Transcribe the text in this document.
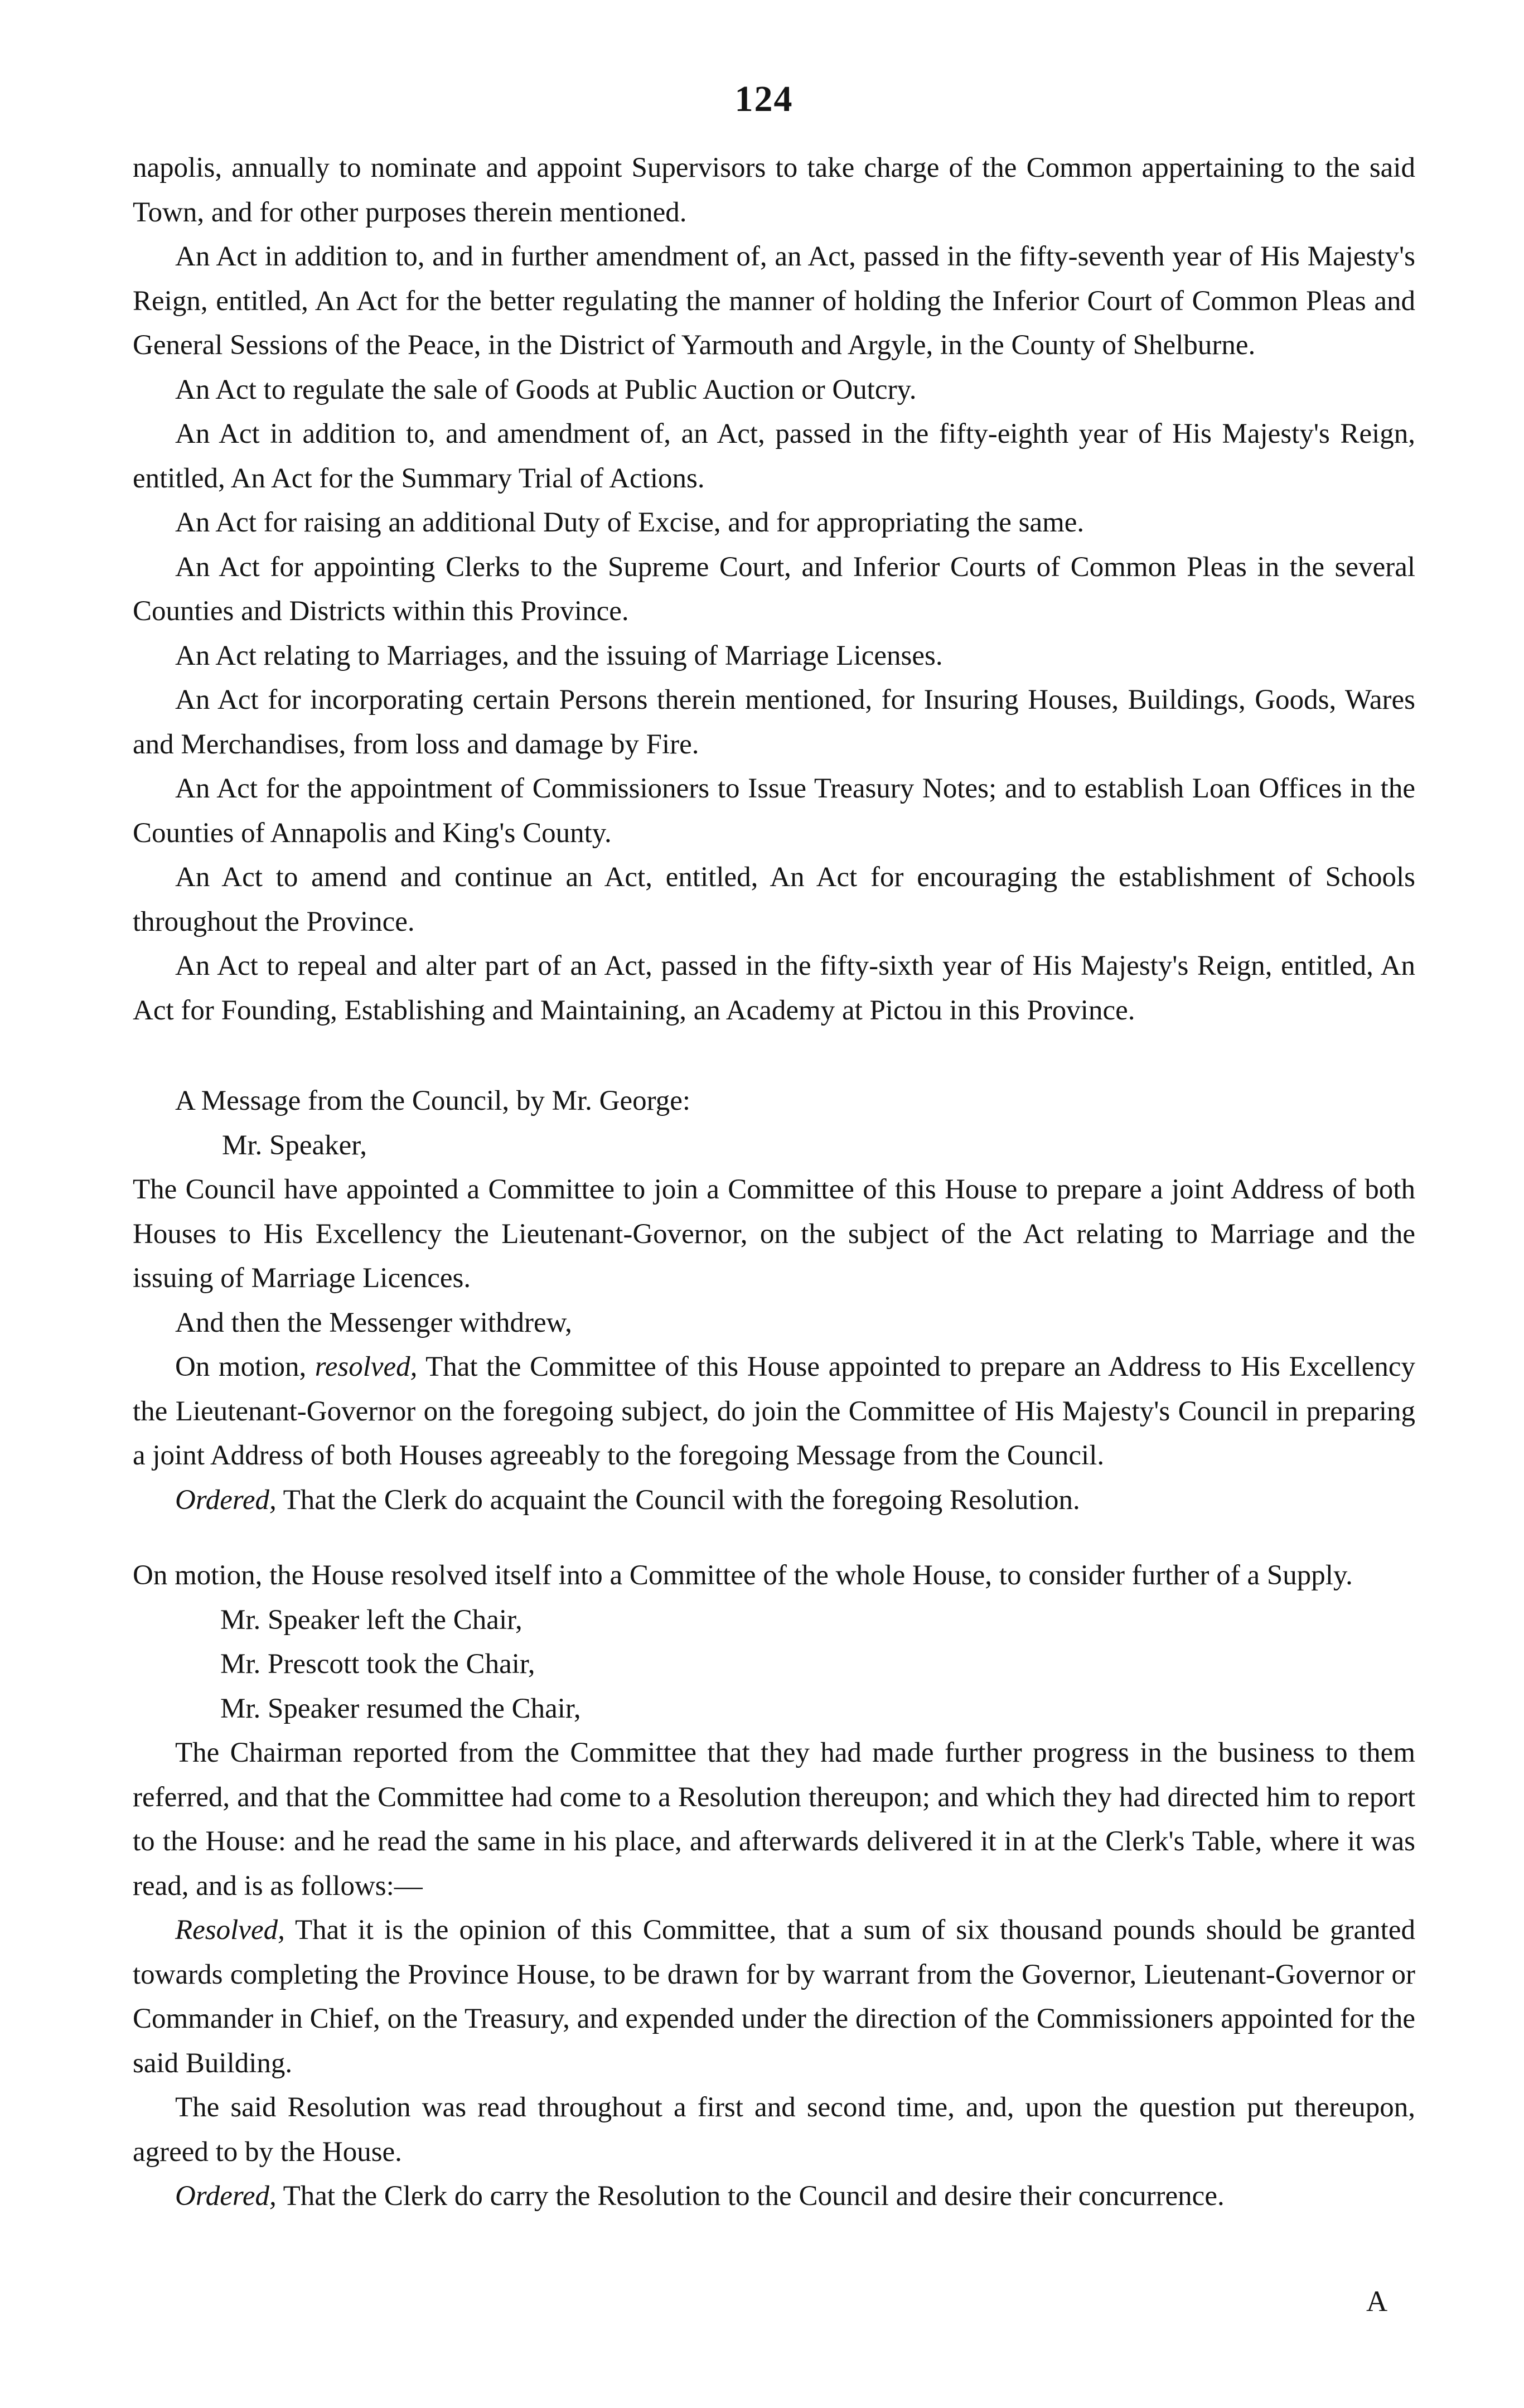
124

napolis, annually to nominate and appoint Supervisors to take charge of the Common appertaining to the said Town, and for other purposes therein mentioned.

An Act in addition to, and in further amendment of, an Act, passed in the fifty-seventh year of His Majesty's Reign, entitled, An Act for the better regulating the manner of holding the Inferior Court of Common Pleas and General Sessions of the Peace, in the District of Yarmouth and Argyle, in the County of Shelburne.

An Act to regulate the sale of Goods at Public Auction or Outcry.

An Act in addition to, and amendment of, an Act, passed in the fifty-eighth year of His Majesty's Reign, entitled, An Act for the Summary Trial of Actions.

An Act for raising an additional Duty of Excise, and for appropriating the same.

An Act for appointing Clerks to the Supreme Court, and Inferior Courts of Common Pleas in the several Counties and Districts within this Province.

An Act relating to Marriages, and the issuing of Marriage Licenses.

An Act for incorporating certain Persons therein mentioned, for Insuring Houses, Buildings, Goods, Wares and Merchandises, from loss and damage by Fire.

An Act for the appointment of Commissioners to Issue Treasury Notes; and to establish Loan Offices in the Counties of Annapolis and King's County.

An Act to amend and continue an Act, entitled, An Act for encouraging the establishment of Schools throughout the Province.

An Act to repeal and alter part of an Act, passed in the fifty-sixth year of His Majesty's Reign, entitled, An Act for Founding, Establishing and Maintaining, an Academy at Pictou in this Province.

A Message from the Council, by Mr. George:

Mr. Speaker,

The Council have appointed a Committee to join a Committee of this House to prepare a joint Address of both Houses to His Excellency the Lieutenant-Governor, on the subject of the Act relating to Marriage and the issuing of Marriage Licences.

And then the Messenger withdrew,

On motion, resolved, That the Committee of this House appointed to prepare an Address to His Excellency the Lieutenant-Governor on the foregoing subject, do join the Committee of His Majesty's Council in preparing a joint Address of both Houses agreeably to the foregoing Message from the Council.

Ordered, That the Clerk do acquaint the Council with the foregoing Resolution.

On motion, the House resolved itself into a Committee of the whole House, to consider further of a Supply.

Mr. Speaker left the Chair,

Mr. Prescott took the Chair,

Mr. Speaker resumed the Chair,

The Chairman reported from the Committee that they had made further progress in the business to them referred, and that the Committee had come to a Resolution thereupon; and which they had directed him to report to the House: and he read the same in his place, and afterwards delivered it in at the Clerk's Table, where it was read, and is as follows:—

Resolved, That it is the opinion of this Committee, that a sum of six thousand pounds should be granted towards completing the Province House, to be drawn for by warrant from the Governor, Lieutenant-Governor or Commander in Chief, on the Treasury, and expended under the direction of the Commissioners appointed for the said Building.

The said Resolution was read throughout a first and second time, and, upon the question put thereupon, agreed to by the House.

Ordered, That the Clerk do carry the Resolution to the Council and desire their concurrence.

A
